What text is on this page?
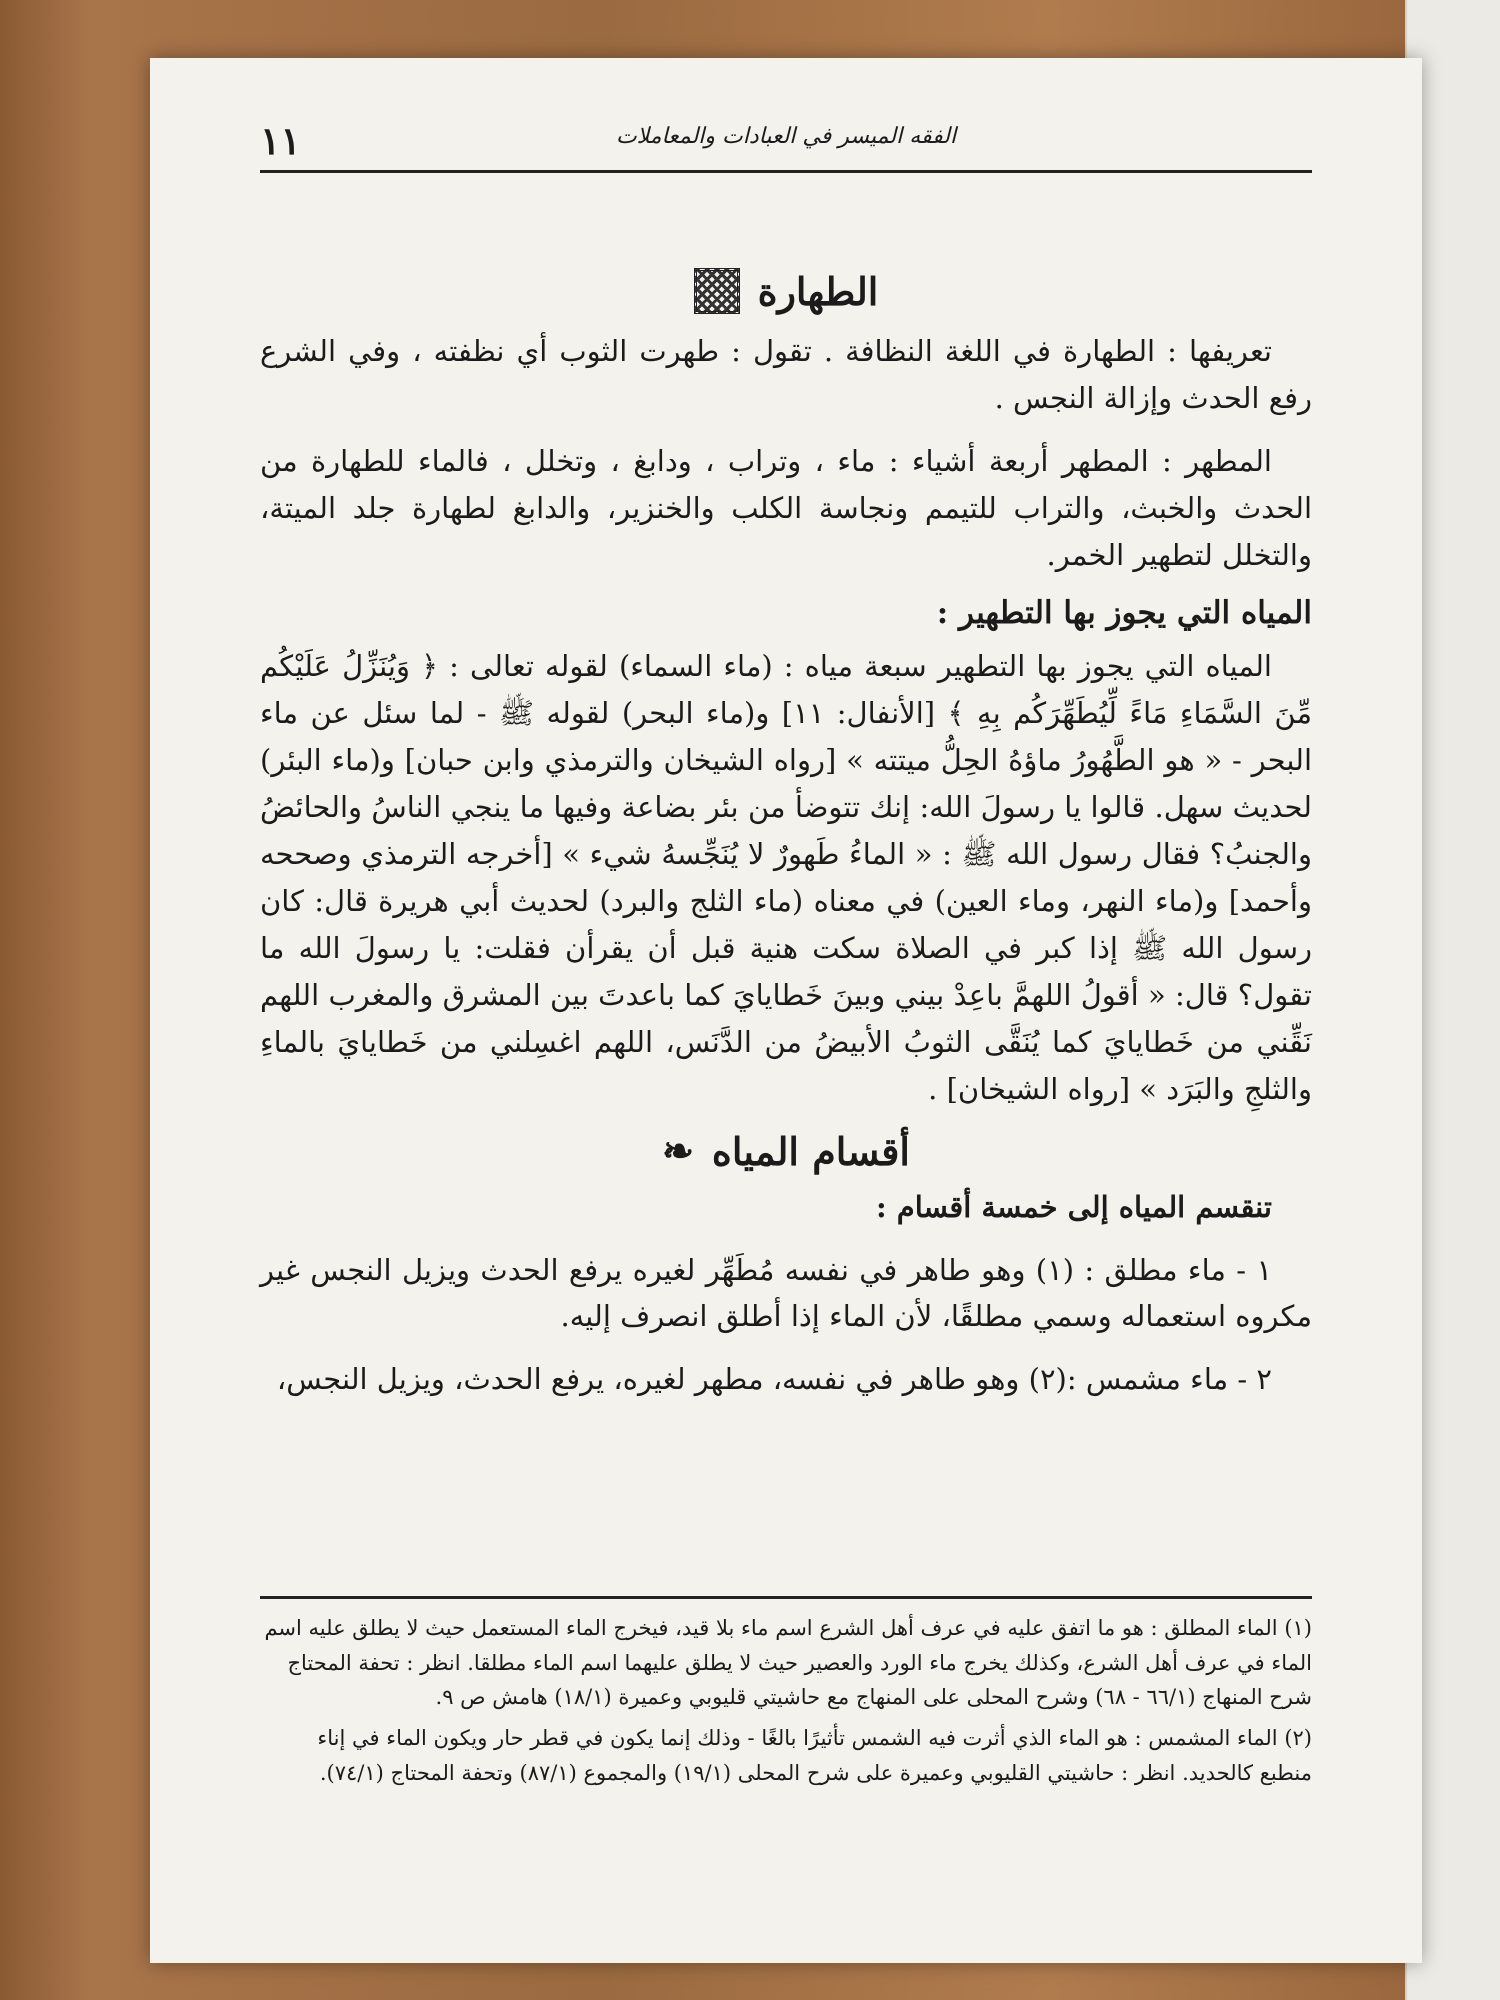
١١	الفقه الميسر في العبادات والمعاملات
الطهارة

تعريفها : الطهارة في اللغة النظافة . تقول : طهرت الثوب أي نظفته ، وفي الشرع رفع الحدث وإزالة النجس .

المطهر : المطهر أربعة أشياء : ماء ، وتراب ، ودابغ ، وتخلل ، فالماء للطهارة من الحدث والخبث، والتراب للتيمم ونجاسة الكلب والخنزير، والدابغ لطهارة جلد الميتة، والتخلل لتطهير الخمر.

المياه التي يجوز بها التطهير :

المياه التي يجوز بها التطهير سبعة مياه : (ماء السماء) لقوله تعالى : ﴿ وَيُنَزِّلُ عَلَيْكُم مِّنَ السَّمَاءِ مَاءً لِّيُطَهِّرَكُم بِهِ ﴾ [الأنفال: ١١] و(ماء البحر) لقوله ﷺ - لما سئل عن ماء البحر - « هو الطَّهُورُ ماؤهُ الحِلُّ ميتته » [رواه الشيخان والترمذي وابن حبان] و(ماء البئر) لحديث سهل. قالوا يا رسولَ الله: إنك تتوضأ من بئر بضاعة وفيها ما ينجي الناسُ والحائضُ والجنبُ؟ فقال رسول الله ﷺ : « الماءُ طَهورٌ لا يُنَجِّسهُ شيء » [أخرجه الترمذي وصححه وأحمد] و(ماء النهر، وماء العين) في معناه (ماء الثلج والبرد) لحديث أبي هريرة قال: كان رسول الله ﷺ إذا كبر في الصلاة سكت هنية قبل أن يقرأن فقلت: يا رسولَ الله ما تقول؟ قال: « أقولُ اللهمَّ باعِدْ بيني وبينَ خَطايايَ كما باعدتَ بين المشرق والمغرب اللهم نَقِّني من خَطايايَ كما يُنَقَّى الثوبُ الأبيضُ من الدَّنَس، اللهم اغسِلني من خَطايايَ بالماءِ والثلجِ والبَرَد » [رواه الشيخان] .

أقسام المياه
❧

تنقسم المياه إلى خمسة أقسام :

١ - ماء مطلق : (١) وهو طاهر في نفسه مُطَهِّر لغيره يرفع الحدث ويزيل النجس غير مكروه استعماله وسمي مطلقًا، لأن الماء إذا أطلق انصرف إليه.

٢ - ماء مشمس :(٢) وهو طاهر في نفسه، مطهر لغيره، يرفع الحدث، ويزيل النجس،

(١) الماء المطلق : هو ما اتفق عليه في عرف أهل الشرع اسم ماء بلا قيد، فيخرج الماء المستعمل حيث لا يطلق عليه اسم الماء في عرف أهل الشرع، وكذلك يخرج ماء الورد والعصير حيث لا يطلق عليهما اسم الماء مطلقا. انظر : تحفة المحتاج شرح المنهاج (٦٦/١ - ٦٨) وشرح المحلى على المنهاج مع حاشيتي قليوبي وعميرة (١٨/١) هامش ص ٩.

(٢) الماء المشمس : هو الماء الذي أثرت فيه الشمس تأثيرًا بالغًا - وذلك إنما يكون في قطر حار ويكون الماء في إناء منطبع كالحديد. انظر : حاشيتي القليوبي وعميرة على شرح المحلى (١٩/١) والمجموع (٨٧/١) وتحفة المحتاج (٧٤/١).
